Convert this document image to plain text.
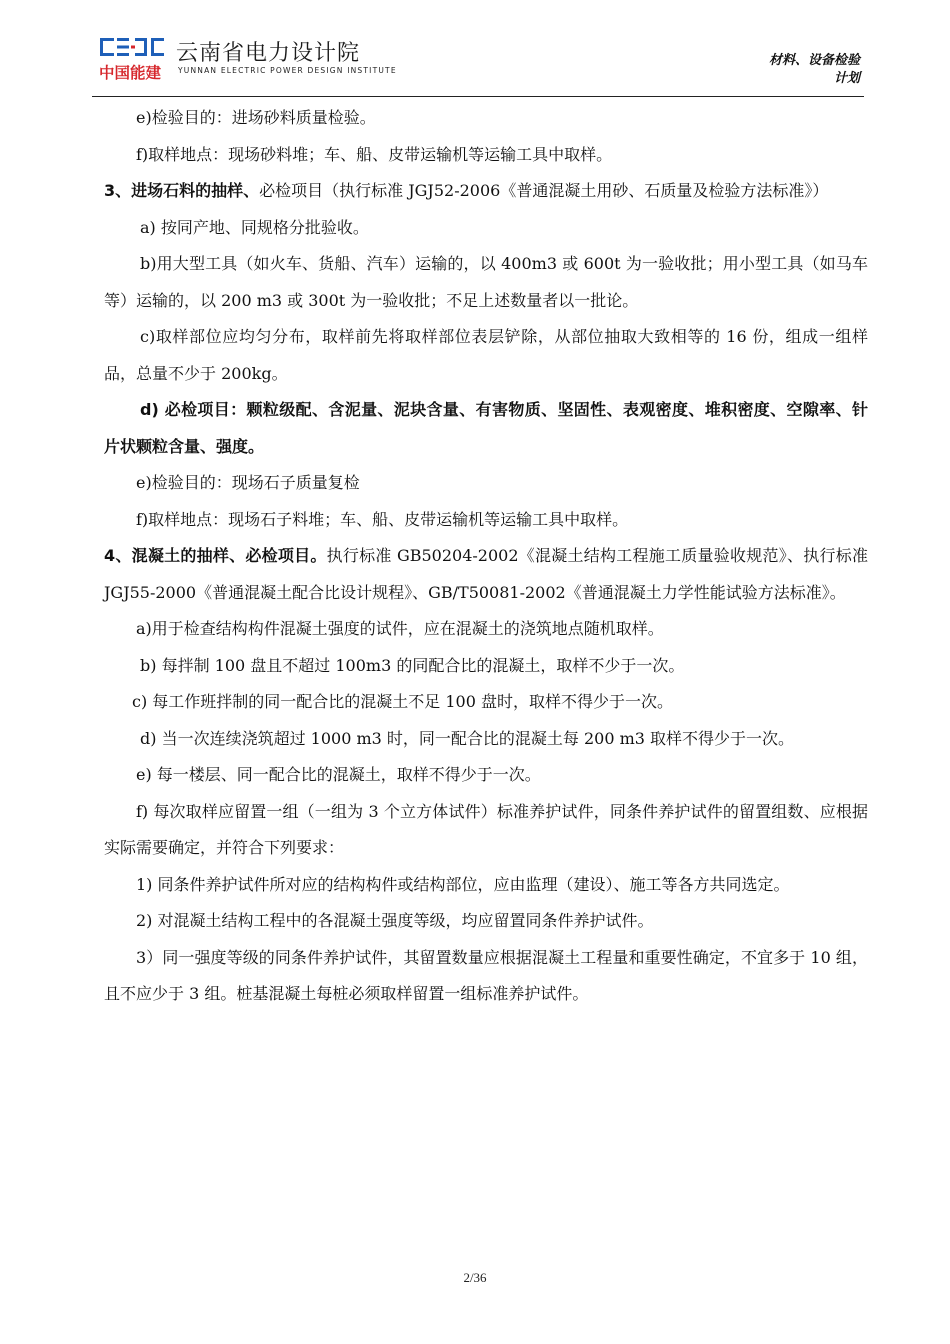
中国能建
云南省电力设计院
YUNNAN ELECTRIC POWER DESIGN INSTITUTE
材料、设备检验
计划

e)检验目的：进场砂料质量检验。

f)取样地点：现场砂料堆；车、船、皮带运输机等运输工具中取样。

3、进场石料的抽样、必检项目（执行标准 JGJ52-2006《普通混凝土用砂、石质量及检验方法标准》）

a) 按同产地、同规格分批验收。

b)用大型工具（如火车、货船、汽车）运输的，以 400m3 或 600t 为一验收批；用小型工具（如马车等）运输的，以 200 m3 或 300t 为一验收批；不足上述数量者以一批论。

c)取样部位应均匀分布，取样前先将取样部位表层铲除，从部位抽取大致相等的 16 份，组成一组样品，总量不少于 200kg。

d) 必检项目：颗粒级配、含泥量、泥块含量、有害物质、坚固性、表观密度、堆积密度、空隙率、针片状颗粒含量、强度。

e)检验目的：现场石子质量复检

f)取样地点：现场石子料堆；车、船、皮带运输机等运输工具中取样。

4、混凝土的抽样、必检项目。执行标准 GB50204-2002《混凝土结构工程施工质量验收规范》、执行标准 JGJ55-2000《普通混凝土配合比设计规程》、GB/T50081-2002《普通混凝土力学性能试验方法标准》。

a)用于检查结构构件混凝土强度的试件，应在混凝土的浇筑地点随机取样。

b) 每拌制 100 盘且不超过 100m3 的同配合比的混凝土，取样不少于一次。

c) 每工作班拌制的同一配合比的混凝土不足 100 盘时，取样不得少于一次。

d) 当一次连续浇筑超过 1000 m3 时，同一配合比的混凝土每 200 m3 取样不得少于一次。

e) 每一楼层、同一配合比的混凝土，取样不得少于一次。

f) 每次取样应留置一组（一组为 3 个立方体试件）标准养护试件，同条件养护试件的留置组数、应根据实际需要确定，并符合下列要求：

1) 同条件养护试件所对应的结构构件或结构部位，应由监理（建设）、施工等各方共同选定。

2) 对混凝土结构工程中的各混凝土强度等级，均应留置同条件养护试件。

3）同一强度等级的同条件养护试件，其留置数量应根据混凝土工程量和重要性确定，不宜多于 10 组，且不应少于 3 组。桩基混凝土每桩必须取样留置一组标准养护试件。

2/36
